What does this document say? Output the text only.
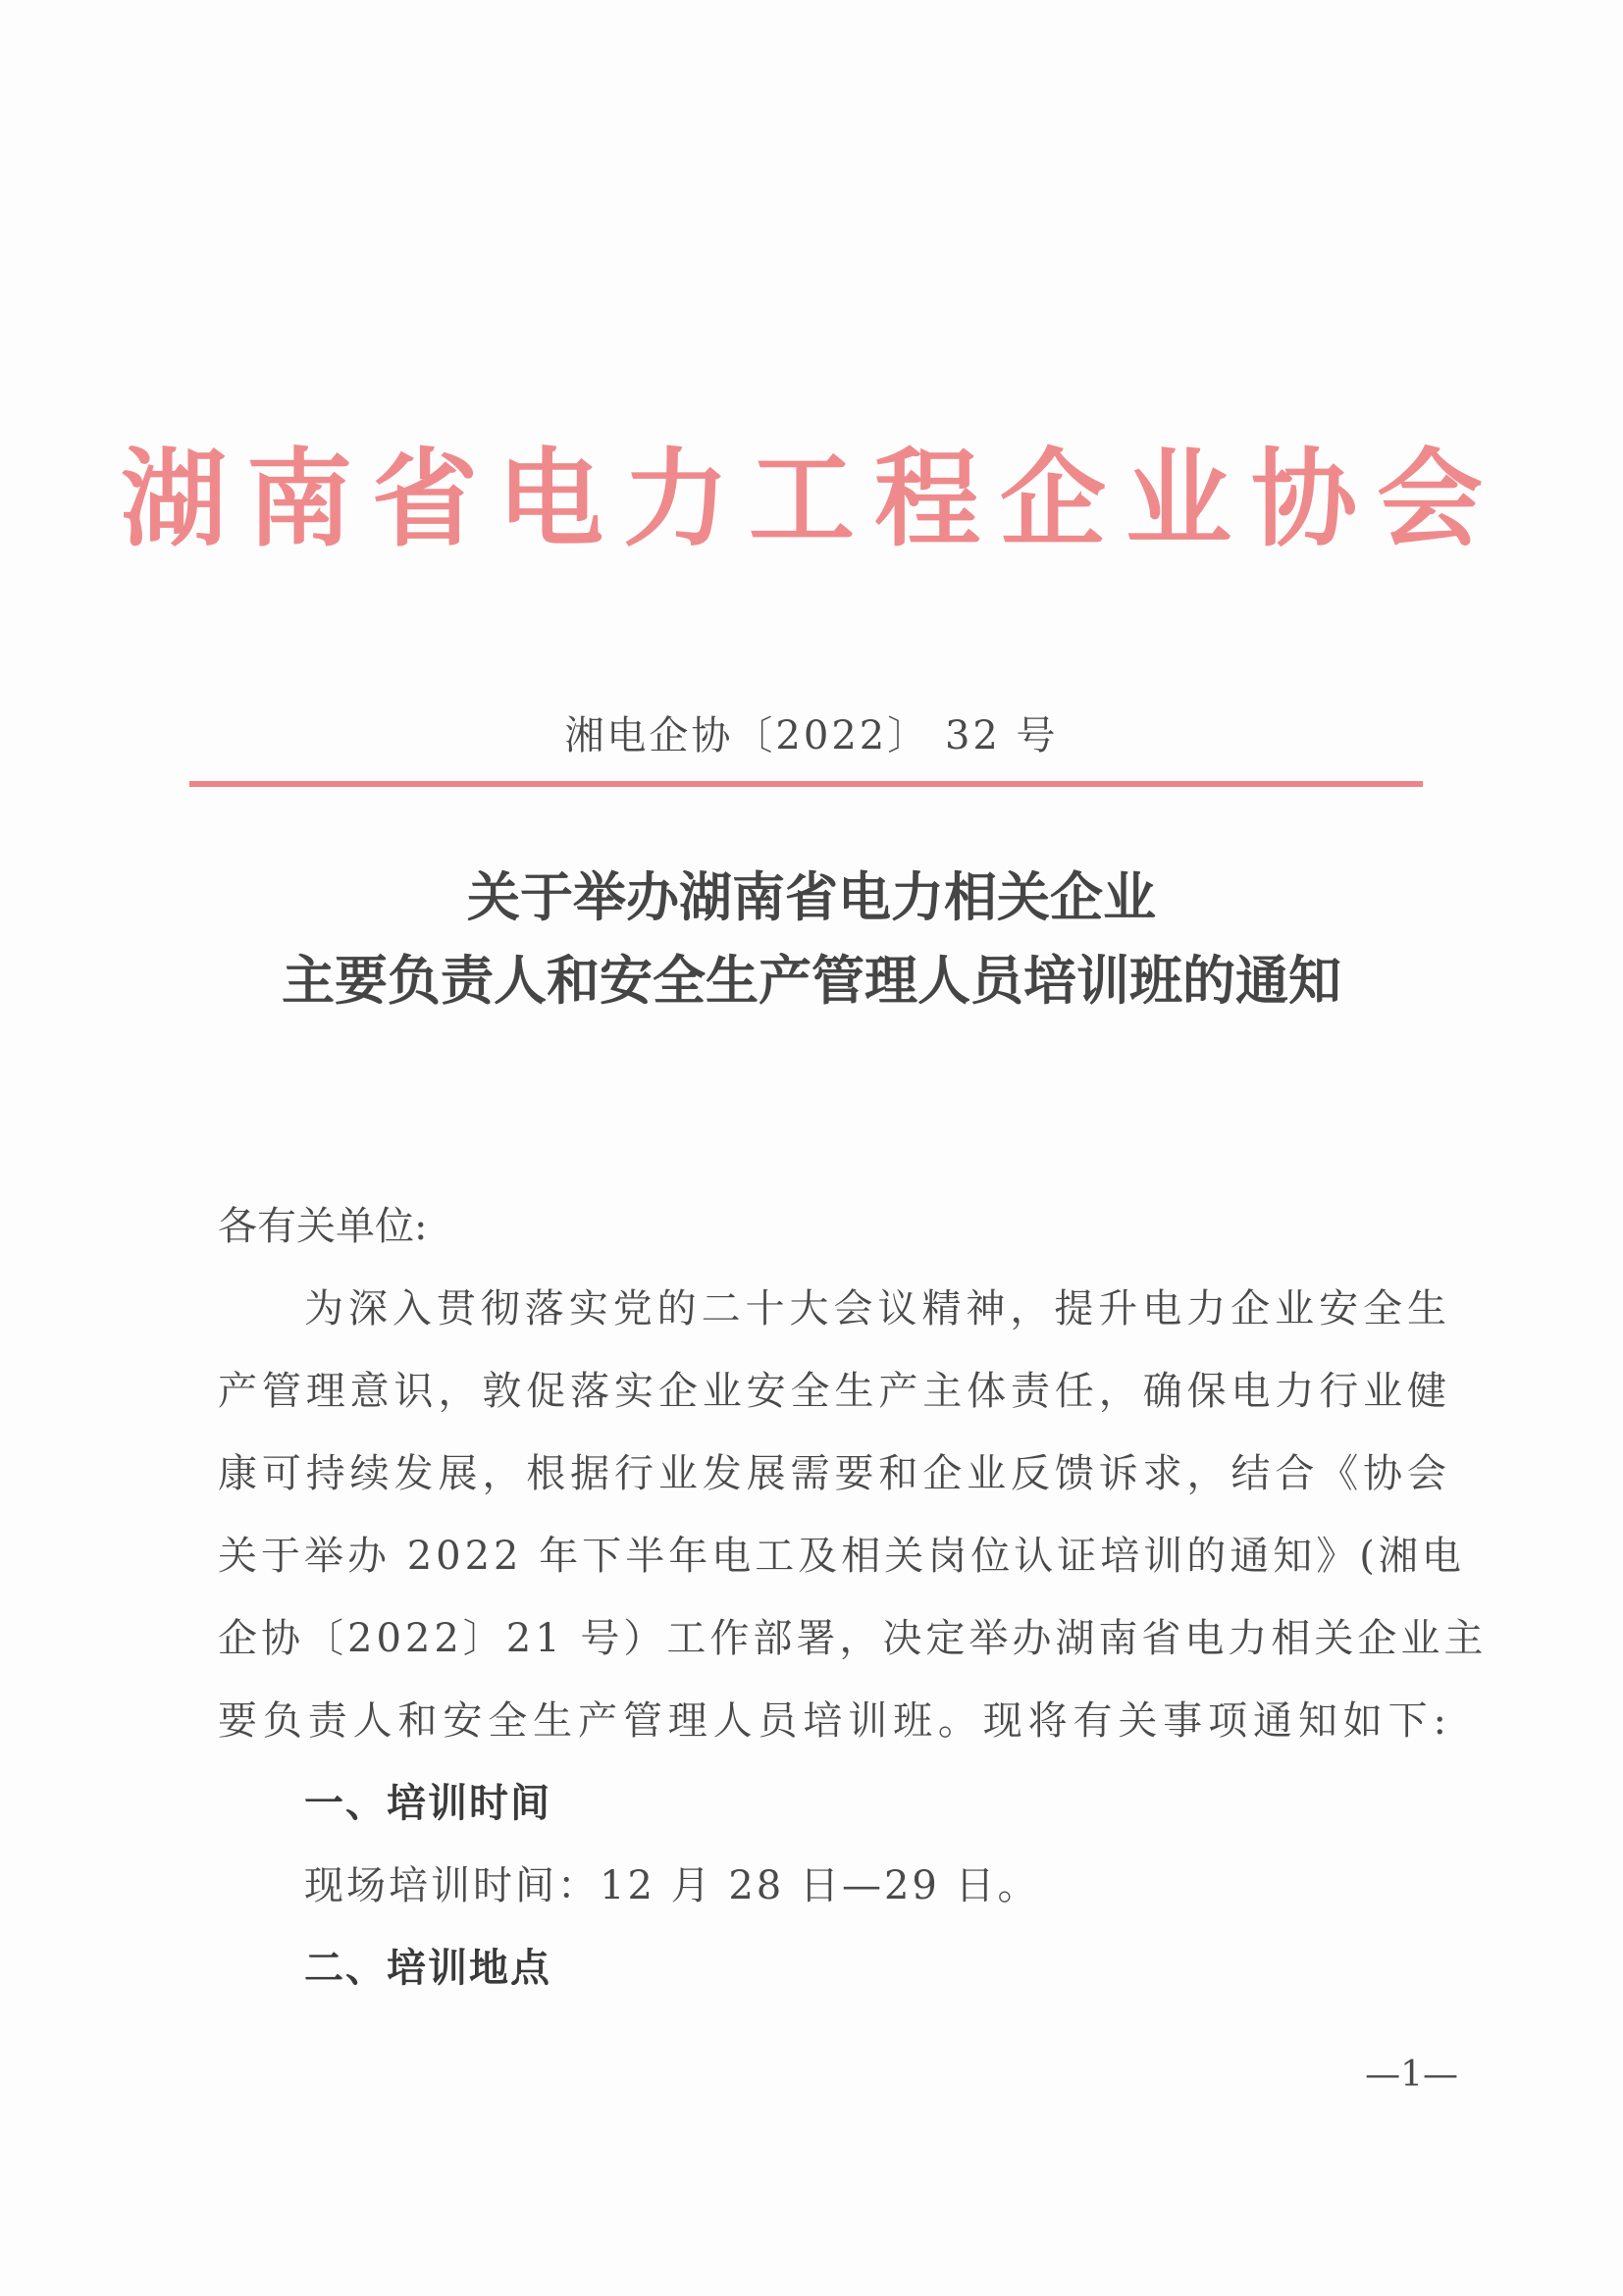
湖南省电力工程企业协会
湘电企协〔2022〕 32 号
关于举办湖南省电力相关企业
主要负责人和安全生产管理人员培训班的通知
各有关单位:
为深入贯彻落实党的二十大会议精神，提升电力企业安全生
产管理意识，敦促落实企业安全生产主体责任，确保电力行业健
康可持续发展，根据行业发展需要和企业反馈诉求，结合《协会
关于举办 2022 年下半年电工及相关岗位认证培训的通知》(湘电
企协〔2022〕21 号）工作部署，决定举办湖南省电力相关企业主
要负责人和安全生产管理人员培训班。现将有关事项通知如下:
一、培训时间
现场培训时间：12 月 28 日—29 日。
二、培训地点
—1—
